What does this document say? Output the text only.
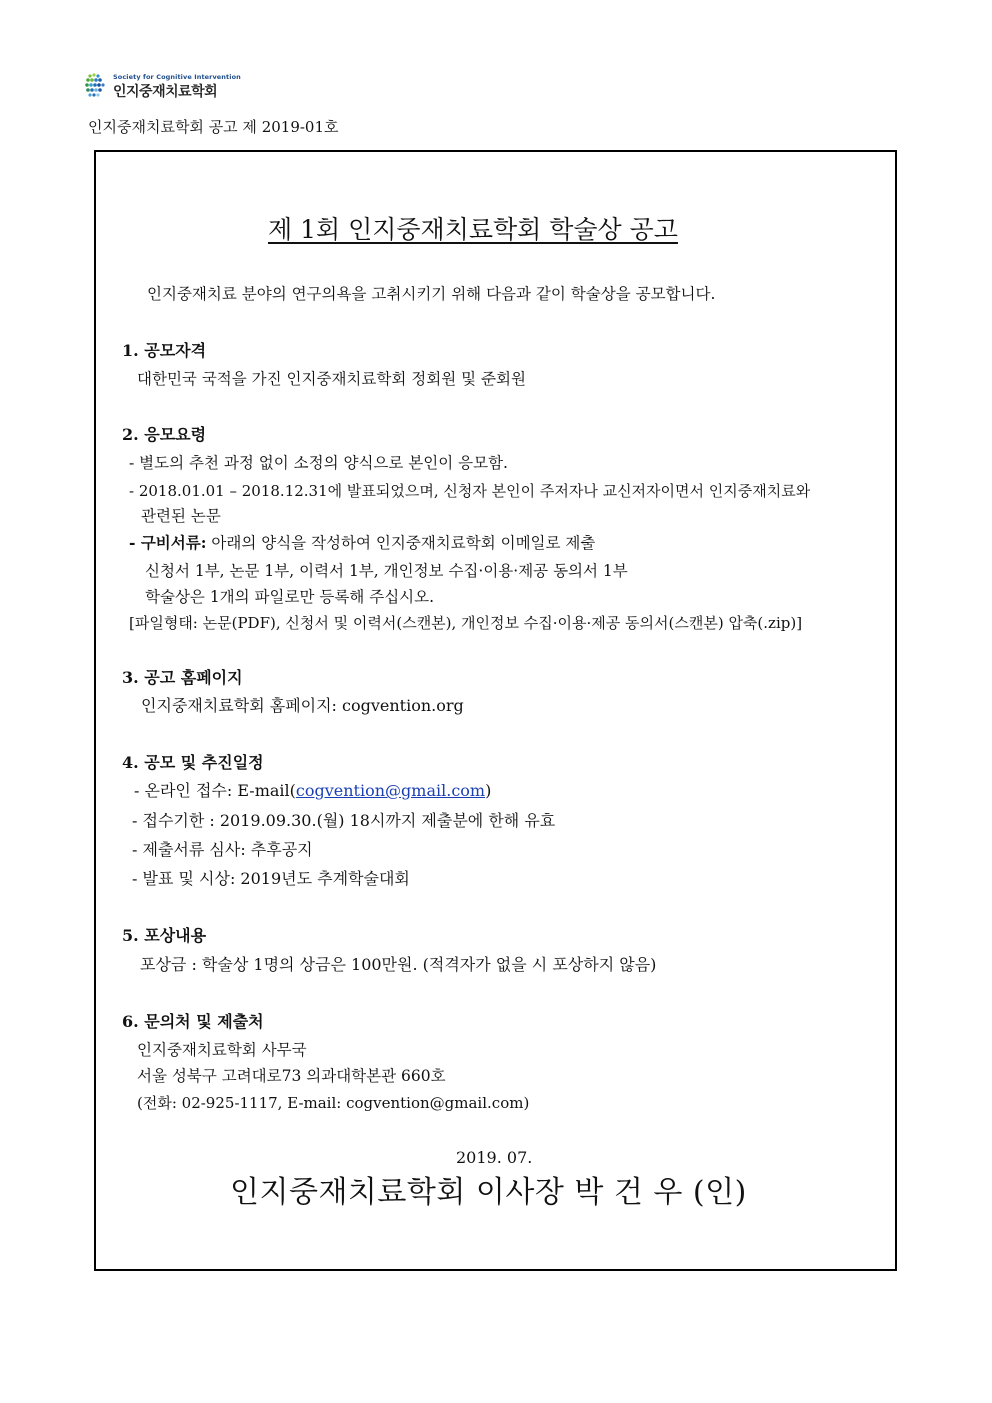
Society for Cognitive Intervention
인지중재치료학회
인지중재치료학회 공고 제 2019-01호
제 1회 인지중재치료학회 학술상 공고
인지중재치료 분야의 연구의욕을 고취시키기 위해 다음과 같이 학술상을 공모합니다.
1. 공모자격
대한민국 국적을 가진 인지중재치료학회 정회원 및 준회원
2. 응모요령
- 별도의 추천 과정 없이 소정의 양식으로 본인이 응모함.
- 2018.01.01 – 2018.12.31에 발표되었으며, 신청자 본인이 주저자나 교신저자이면서 인지중재치료와
관련된 논문
- 구비서류: 아래의 양식을 작성하여 인지중재치료학회 이메일로 제출
신청서 1부, 논문 1부, 이력서 1부, 개인정보 수집·이용·제공 동의서 1부
학술상은 1개의 파일로만 등록해 주십시오.
[파일형태: 논문(PDF), 신청서 및 이력서(스캔본), 개인정보 수집·이용·제공 동의서(스캔본) 압축(.zip)]
3. 공고 홈페이지
인지중재치료학회 홈페이지: cogvention.org
4. 공모 및 추진일정
- 온라인 접수: E-mail(cogvention@gmail.com)
- 접수기한 : 2019.09.30.(월) 18시까지 제출분에 한해 유효
- 제출서류 심사: 추후공지
- 발표 및 시상: 2019년도 추계학술대회
5. 포상내용
포상금 : 학술상 1명의 상금은 100만원. (적격자가 없을 시 포상하지 않음)
6. 문의처 및 제출처
인지중재치료학회 사무국
서울 성북구 고려대로73 의과대학본관 660호
(전화: 02-925-1117, E-mail: cogvention@gmail.com)
2019. 07.
인지중재치료학회 이사장 박 건 우 (인)
